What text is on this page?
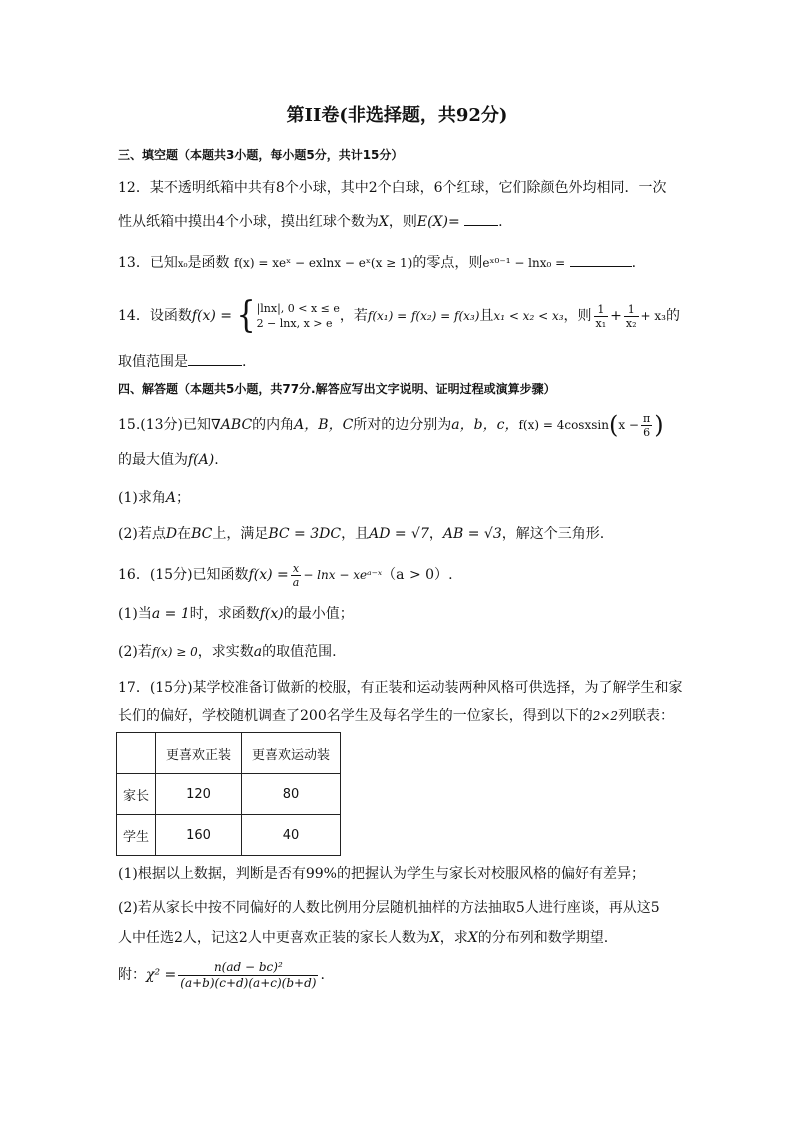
第II卷(非选择题，共92分)
三、填空题（本题共3小题，每小题5分，共计15分）
12．某不透明纸箱中共有8个小球，其中2个白球，6个红球，它们除颜色外均相同．一次
性从纸箱中摸出4个小球，摸出红球个数为X，则E(X)=	.
13．已知x₀是函数 f(x) = xeˣ − exlnx − eˣ(x ≥ 1)的零点，则eˣ⁰⁻¹ − lnx₀ =	.
14．设函数f(x) = { |lnx|, 0 < x ≤ e
2 − lnx, x > e ，若f(x₁) = f(x₂) = f(x₃)且x₁ < x₂ < x₃，则 $\frac{1}{\text{x₁}} + \frac{1}{\text{x₂}} + x_3$的
取值范围是	.
四、解答题（本题共5小题，共77分.解答应写出文字说明、证明过程或演算步骤）
15.(13分)已知∇ABC的内角A，B，C所对的边分别为a，b，c，f(x) = 4cosxsin(x − $\frac{\pi}{6}$ )
的最大值为f(A).
(1)求角A；
(2)若点D在BC上，满足BC = 3DC，且AD = √7，AB = √3，解这个三角形.
16．(15分)已知函数$f(x) = \frac{x}{a} - \ln x$ − xeᵃ⁻ˣ（a > 0）.
(1)当a = 1时，求函数f(x)的最小值；
(2)若f(x) ≥ 0，求实数a的取值范围.
17．(15分)某学校准备订做新的校服，有正装和运动装两种风格可供选择，为了解学生和家
长们的偏好，学校随机调查了200名学生及每名学生的一位家长，得到以下的2×2列联表：
	更喜欢正装	更喜欢运动装
家长	120	80
学生	160	40
(1)根据以上数据，判断是否有99%的把握认为学生与家长对校服风格的偏好有差异；
(2)若从家长中按不同偏好的人数比例用分层随机抽样的方法抽取5人进行座谈，再从这5
人中任选2人，记这2人中更喜欢正装的家长人数为X，求X的分布列和数学期望.
附：$\chi^2 = \frac{\text{n(ad − bc)²}}{(a+b)(c+d)(a+c)(b+d)}$ .
